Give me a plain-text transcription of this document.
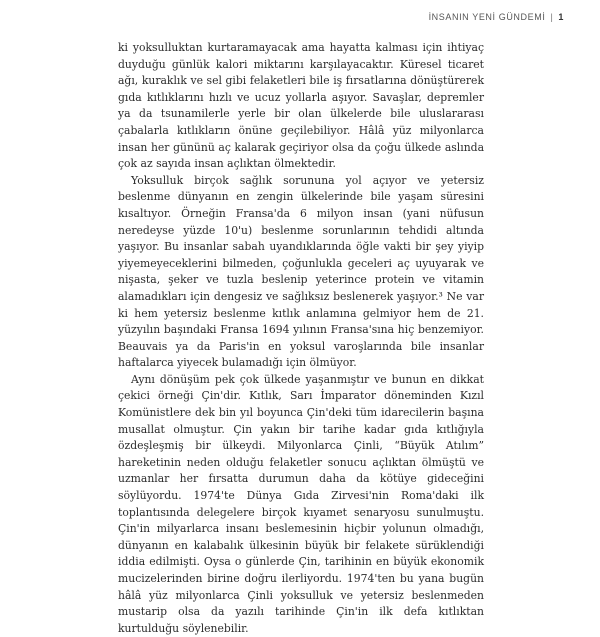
İNSANIN YENİ GÜNDEMİ | 1

ki yoksulluktan kurtaramayacak ama hayatta kalması için ihtiyaç duyduğu günlük kalori miktarını karşılayacaktır. Küresel ticaret ağı, kuraklık ve sel gibi felaketleri bile iş fırsatlarına dönüştürerek gıda kıtlıklarını hızlı ve ucuz yollarla aşıyor. Savaşlar, depremler ya da tsunamilerle yerle bir olan ülkelerde bile uluslararası çabalarla kıtlıkların önüne geçilebiliyor. Hâlâ yüz milyonlarca insan her gününü aç kalarak geçiriyor olsa da çoğu ülkede aslında çok az sayıda insan açlıktan ölmektedir.

Yoksulluk birçok sağlık sorununa yol açıyor ve yetersiz beslenme dünyanın en zengin ülkelerinde bile yaşam süresini kısaltıyor. Örneğin Fransa'da 6 milyon insan (yani nüfusun neredeyse yüzde 10'u) beslenme sorunlarının tehdidi altında yaşıyor. Bu insanlar sabah uyandıklarında öğle vakti bir şey yiyip yiyemeyeceklerini bilmeden, çoğunlukla geceleri aç uyuyarak ve nişasta, şeker ve tuzla beslenip yeterince protein ve vitamin alamadıkları için dengesiz ve sağlıksız beslenerek yaşıyor.³ Ne var ki hem yetersiz beslenme kıtlık anlamına gelmiyor hem de 21. yüzyılın başındaki Fransa 1694 yılının Fransa'sına hiç benzemiyor. Beauvais ya da Paris'in en yoksul varoşlarında bile insanlar haftalarca yiyecek bulamadığı için ölmüyor.

Aynı dönüşüm pek çok ülkede yaşanmıştır ve bunun en dikkat çekici örneği Çin'dir. Kıtlık, Sarı İmparator döneminden Kızıl Komünistlere dek bin yıl boyunca Çin'deki tüm idarecilerin başına musallat olmuştur. Çin yakın bir tarihe kadar gıda kıtlığıyla özdeşleşmiş bir ülkeydi. Milyonlarca Çinli, “Büyük Atılım” hareketinin neden olduğu felaketler sonucu açlıktan ölmüştü ve uzmanlar her fırsatta durumun daha da kötüye gideceğini söylüyordu. 1974'te Dünya Gıda Zirvesi'nin Roma'daki ilk toplantısında delegelere birçok kıyamet senaryosu sunulmuştu. Çin'in milyarlarca insanı beslemesinin hiçbir yolunun olmadığı, dünyanın en kalabalık ülkesinin büyük bir felakete sürüklendiği iddia edilmişti. Oysa o günlerde Çin, tarihinin en büyük ekonomik mucizelerinden birine doğru ilerliyordu. 1974'ten bu yana bugün hâlâ yüz milyonlarca Çinli yoksulluk ve yetersiz beslenmeden mustarip olsa da yazılı tarihinde Çin'in ilk defa kıtlıktan kurtulduğu söylenebilir.
